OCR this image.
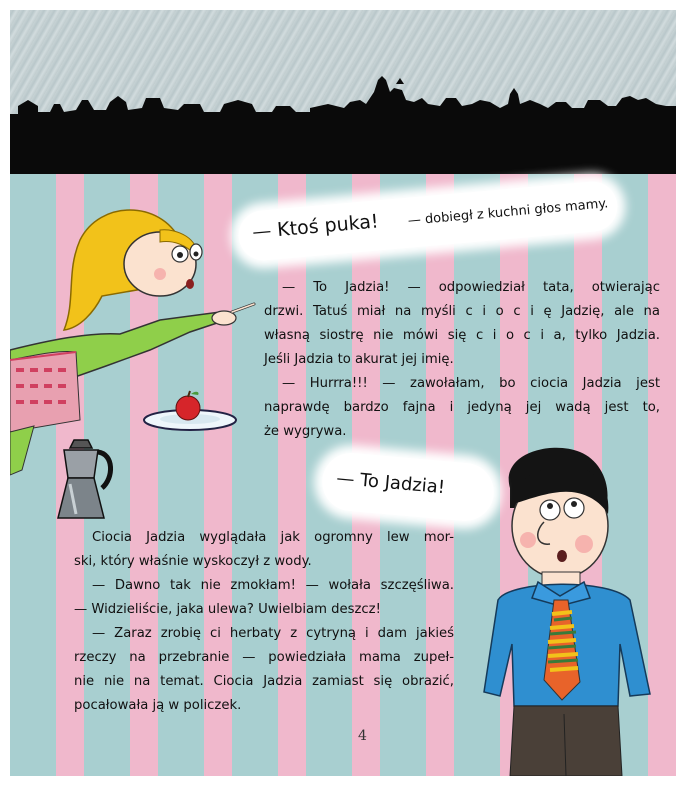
— Ktoś puka! — dobiegł z kuchni głos mamy.
— To Jadzia! — odpowiedział tata, otwierając
drzwi. Tatuś miał na myśli c i o c i ę Jadzię, ale na
własną siostrę nie mówi się c i o c i a, tylko Jadzia.
Jeśli Jadzia to akurat jej imię.
— Hurrra!!! — zawołałam, bo ciocia Jadzia jest
naprawdę bardzo fajna i jedyną jej wadą jest to,
że wygrywa.
— To Jadzia!
Ciocia Jadzia wyglądała jak ogromny lew mor-
ski, który właśnie wyskoczył z wody.
— Dawno tak nie zmokłam! — wołała szczęśliwa.
— Widzieliście, jaka ulewa? Uwielbiam deszcz!
— Zaraz zrobię ci herbaty z cytryną i dam jakieś
rzeczy na przebranie — powiedziała mama zupeł-
nie nie na temat. Ciocia Jadzia zamiast się obrazić,
pocałowała ją w policzek.
4
